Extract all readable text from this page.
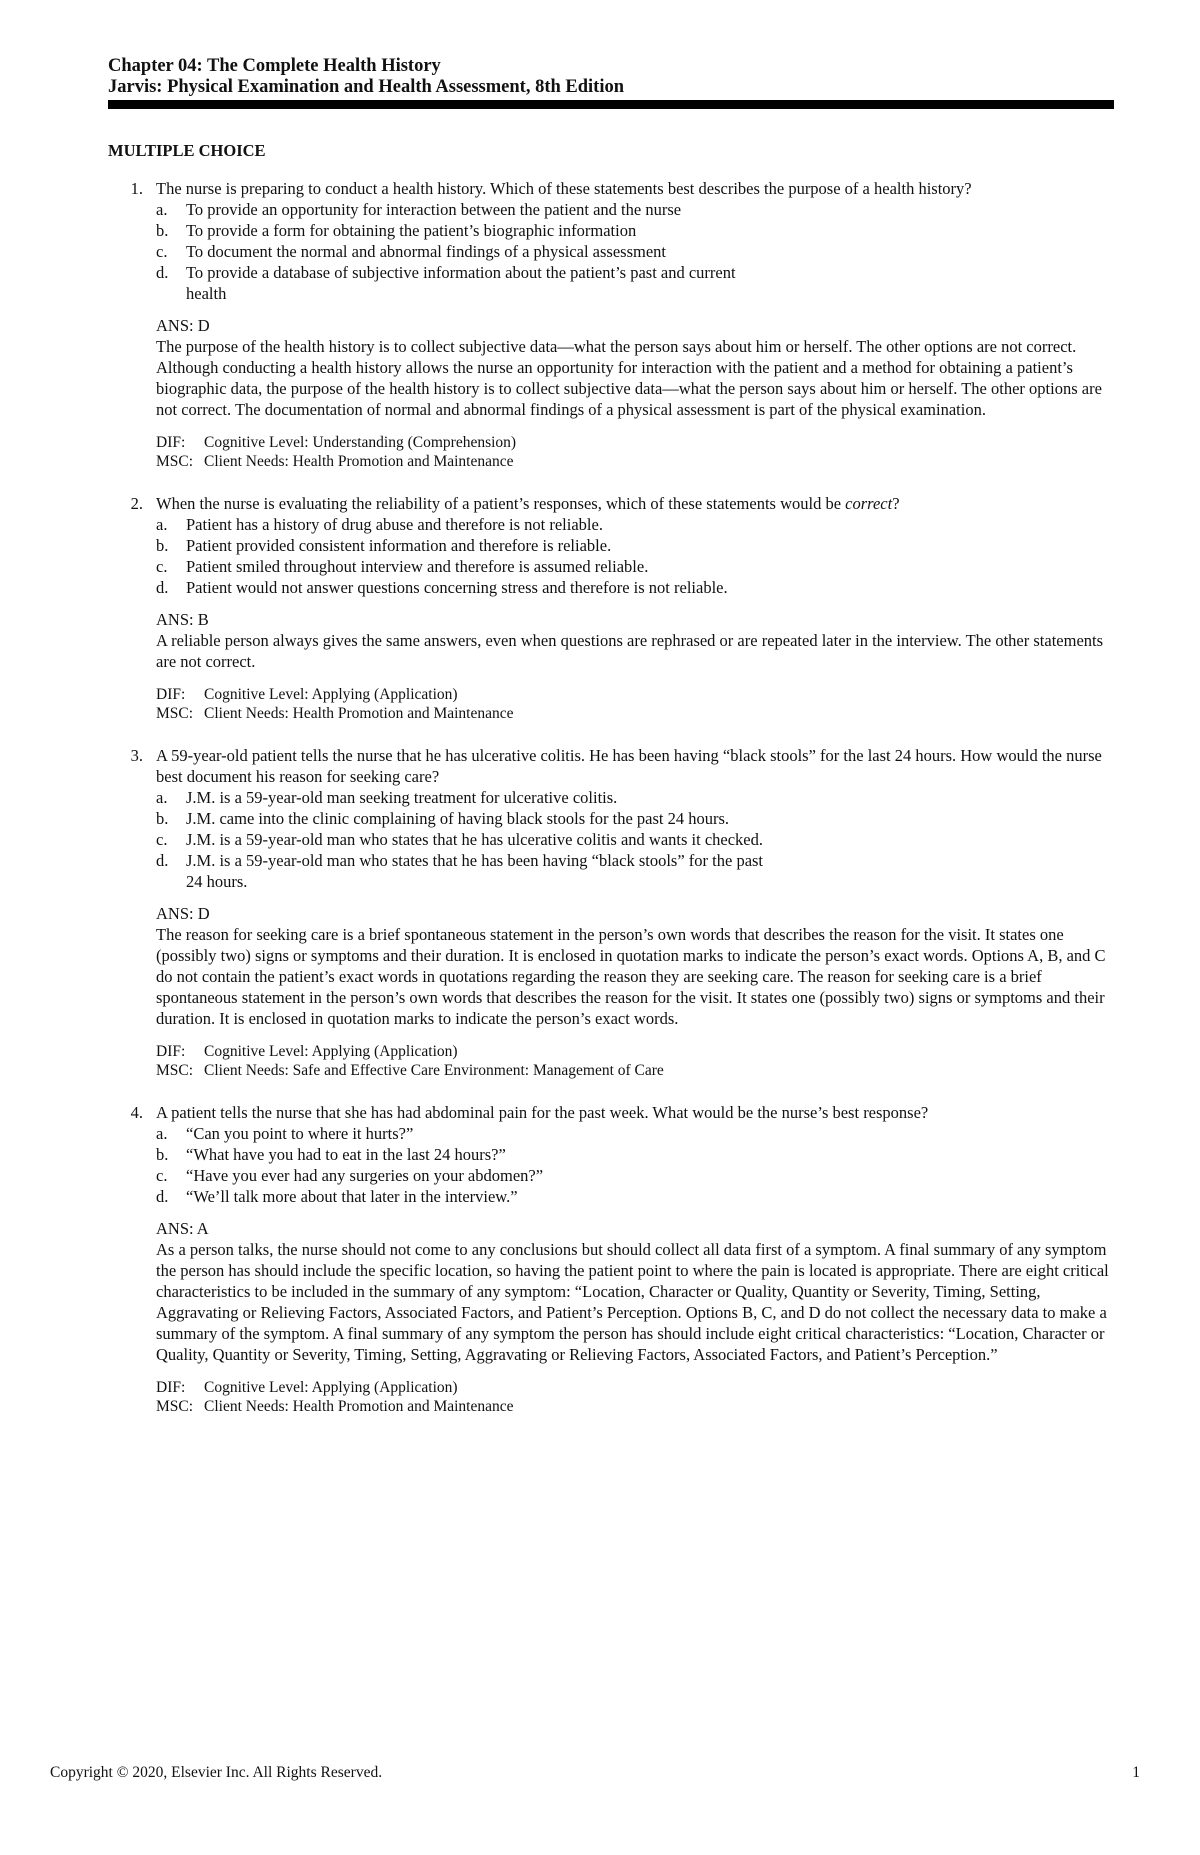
Chapter 04: The Complete Health History
Jarvis: Physical Examination and Health Assessment, 8th Edition
MULTIPLE CHOICE
1. The nurse is preparing to conduct a health history. Which of these statements best describes the purpose of a health history?
a.	To provide an opportunity for interaction between the patient and the nurse
b.	To provide a form for obtaining the patient’s biographic information
c.	To document the normal and abnormal findings of a physical assessment
d.	To provide a database of subjective information about the patient’s past and current health
ANS: D
The purpose of the health history is to collect subjective data—what the person says about him or herself. The other options are not correct. Although conducting a health history allows the nurse an opportunity for interaction with the patient and a method for obtaining a patient’s biographic data, the purpose of the health history is to collect subjective data—what the person says about him or herself. The other options are not correct. The documentation of normal and abnormal findings of a physical assessment is part of the physical examination.
DIF:	Cognitive Level: Understanding (Comprehension)
MSC: Client Needs: Health Promotion and Maintenance
2. When the nurse is evaluating the reliability of a patient’s responses, which of these statements would be correct?
a.	Patient has a history of drug abuse and therefore is not reliable.
b.	Patient provided consistent information and therefore is reliable.
c.	Patient smiled throughout interview and therefore is assumed reliable.
d.	Patient would not answer questions concerning stress and therefore is not reliable.
ANS: B
A reliable person always gives the same answers, even when questions are rephrased or are repeated later in the interview. The other statements are not correct.
DIF:	Cognitive Level: Applying (Application)
MSC: Client Needs: Health Promotion and Maintenance
3. A 59-year-old patient tells the nurse that he has ulcerative colitis. He has been having “black stools” for the last 24 hours. How would the nurse best document his reason for seeking care?
a.	J.M. is a 59-year-old man seeking treatment for ulcerative colitis.
b.	J.M. came into the clinic complaining of having black stools for the past 24 hours.
c.	J.M. is a 59-year-old man who states that he has ulcerative colitis and wants it checked.
d.	J.M. is a 59-year-old man who states that he has been having “black stools” for the past 24 hours.
ANS: D
The reason for seeking care is a brief spontaneous statement in the person’s own words that describes the reason for the visit. It states one (possibly two) signs or symptoms and their duration. It is enclosed in quotation marks to indicate the person’s exact words. Options A, B, and C do not contain the patient’s exact words in quotations regarding the reason they are seeking care. The reason for seeking care is a brief spontaneous statement in the person’s own words that describes the reason for the visit. It states one (possibly two) signs or symptoms and their duration. It is enclosed in quotation marks to indicate the person’s exact words.
DIF:	Cognitive Level: Applying (Application)
MSC: Client Needs: Safe and Effective Care Environment: Management of Care
4. A patient tells the nurse that she has had abdominal pain for the past week. What would be the nurse’s best response?
a.	“Can you point to where it hurts?”
b.	“What have you had to eat in the last 24 hours?”
c.	“Have you ever had any surgeries on your abdomen?”
d.	“We’ll talk more about that later in the interview.”
ANS: A
As a person talks, the nurse should not come to any conclusions but should collect all data first of a symptom. A final summary of any symptom the person has should include the specific location, so having the patient point to where the pain is located is appropriate. There are eight critical characteristics to be included in the summary of any symptom: “Location, Character or Quality, Quantity or Severity, Timing, Setting, Aggravating or Relieving Factors, Associated Factors, and Patient’s Perception. Options B, C, and D do not collect the necessary data to make a summary of the symptom. A final summary of any symptom the person has should include eight critical characteristics: “Location, Character or Quality, Quantity or Severity, Timing, Setting, Aggravating or Relieving Factors, Associated Factors, and Patient’s Perception.”
DIF:	Cognitive Level: Applying (Application)
MSC: Client Needs: Health Promotion and Maintenance
Copyright © 2020, Elsevier Inc. All Rights Reserved.	1
